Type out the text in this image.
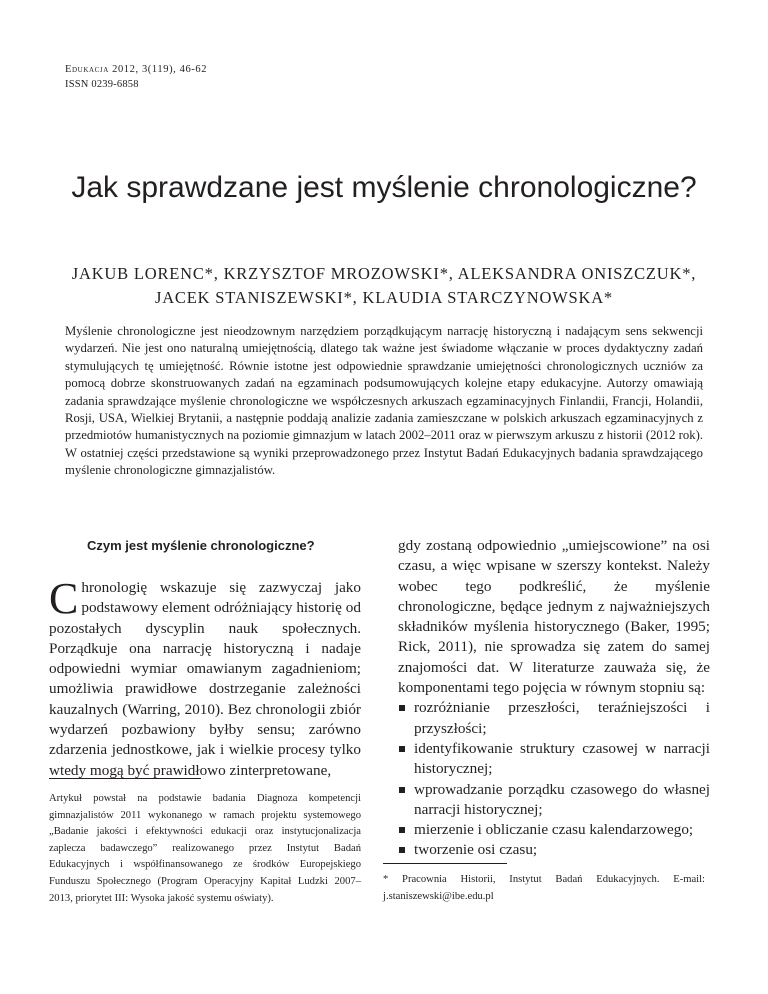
Edukacja 2012, 3(119), 46-62
ISSN 0239-6858
Jak sprawdzane jest myślenie chronologiczne?
JAKUB LORENC*, KRZYSZTOF MROZOWSKI*, ALEKSANDRA ONISZCZUK*,
JACEK STANISZEWSKI*, KLAUDIA STARCZYNOWSKA*

Myślenie chronologiczne jest nieodzownym narzędziem porządkującym narrację historyczną i nadającym sens sekwencji wydarzeń. Nie jest ono naturalną umiejętnością, dlatego tak ważne jest świadome włączanie w proces dydaktyczny zadań stymulujących tę umiejętność. Równie istotne jest odpowiednie sprawdzanie umiejętności chronologicznych uczniów za pomocą dobrze skonstruowanych zadań na egzaminach podsumowujących kolejne etapy edukacyjne. Autorzy omawiają zadania sprawdzające myślenie chronologiczne we współczesnych arkuszach egzaminacyjnych Finlandii, Francji, Holandii, Rosji, USA, Wielkiej Brytanii, a następnie poddają analizie zadania zamieszczane w polskich arkuszach egzaminacyjnych z przedmiotów humanistycznych na poziomie gimnazjum w latach 2002–2011 oraz w pierwszym arkuszu z historii (2012 rok). W ostatniej części przedstawione są wyniki przeprowadzonego przez Instytut Badań Edukacyjnych badania sprawdzającego myślenie chronologiczne gimnazjalistów.

Czym jest myślenie chronologiczne?

Chronologię wskazuje się zazwyczaj jako podstawowy element odróżniający historię od pozostałych dyscyplin nauk społecznych. Porządkuje ona narrację historyczną i nadaje odpowiedni wymiar omawianym zagadnieniom; umożliwia prawidłowe dostrzeganie zależności kauzalnych (Warring, 2010). Bez chronologii zbiór wydarzeń pozbawiony byłby sensu; zarówno zdarzenia jednostkowe, jak i wielkie procesy tylko wtedy mogą być prawidłowo zinterpretowane,

Artykuł powstał na podstawie badania Diagnoza kompetencji gimnazjalistów 2011 wykonanego w ramach projektu systemowego „Badanie jakości i efektywności edukacji oraz instytucjonalizacja zaplecza badawczego” realizowanego przez Instytut Badań Edukacyjnych i współfinansowanego ze środków Europejskiego Funduszu Społecznego (Program Operacyjny Kapitał Ludzki 2007–2013, priorytet III: Wysoka jakość systemu oświaty).

gdy zostaną odpowiednio „umiejscowione” na osi czasu, a więc wpisane w szerszy kontekst. Należy wobec tego podkreślić, że myślenie chronologiczne, będące jednym z najważniejszych składników myślenia historycznego (Baker, 1995; Rick, 2011), nie sprowadza się zatem do samej znajomości dat. W literaturze zauważa się, że komponentami tego pojęcia w równym stopniu są:

rozróżnianie przeszłości, teraźniejszości i przyszłości;
identyfikowanie struktury czasowej w narracji historycznej;
wprowadzanie porządku czasowego do własnej narracji historycznej;
mierzenie i obliczanie czasu kalendarzowego;
tworzenie osi czasu;

* Pracownia Historii, Instytut Badań Edukacyjnych. E-mail: j.staniszewski@ibe.edu.pl
